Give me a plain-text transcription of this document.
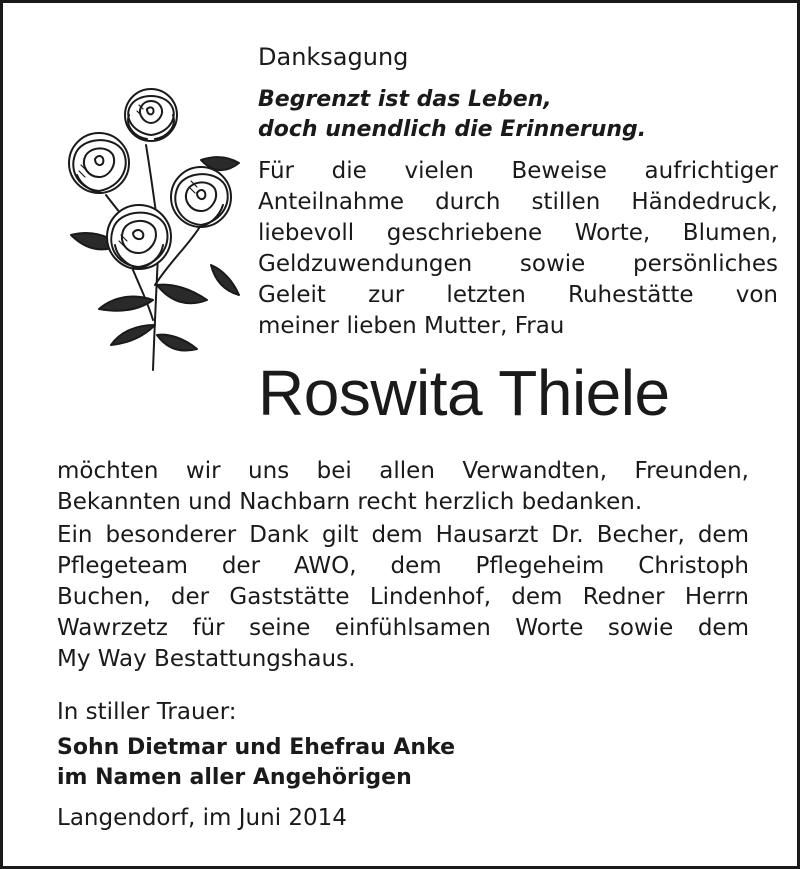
Danksagung
Begrenzt ist das Leben,
doch unendlich die Erinnerung.
Für die vielen Beweise aufrichtiger
Anteilnahme durch stillen Händedruck,
liebevoll geschriebene Worte, Blumen,
Geldzuwendungen sowie persönliches
Geleit zur letzten Ruhestätte von
meiner lieben Mutter, Frau
Roswita Thiele
möchten wir uns bei allen Verwandten, Freunden,
Bekannten und Nachbarn recht herzlich bedanken.
Ein besonderer Dank gilt dem Hausarzt Dr. Becher, dem
Pflegeteam der AWO, dem Pflegeheim Christoph
Buchen, der Gaststätte Lindenhof, dem Redner Herrn
Wawrzetz für seine einfühlsamen Worte sowie dem
My Way Bestattungshaus.
In stiller Trauer:
Sohn Dietmar und Ehefrau Anke
im Namen aller Angehörigen
Langendorf, im Juni 2014
